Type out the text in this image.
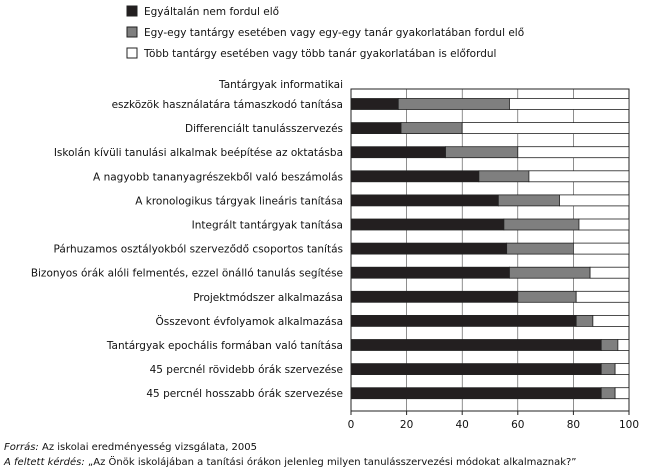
Egyáltalán nem fordul elő
Egy-egy tantárgy esetében vagy egy-egy tanár gyakorlatában fordul elő
Több tantárgy esetében vagy több tanár gyakorlatában is előfordul
Tantárgyak informatikai
eszközök használatára támaszkodó tanítása
Differenciált tanulásszervezés
Iskolán kívüli tanulási alkalmak beépítése az oktatásba
A nagyobb tananyagrészekből való beszámolás
A kronologikus tárgyak lineáris tanítása
Integrált tantárgyak tanítása
Párhuzamos osztályokból szerveződő csoportos tanítás
Bizonyos órák alóli felmentés, ezzel önálló tanulás segítése
Projektmódszer alkalmazása
Összevont évfolyamok alkalmazása
Tantárgyak epochális formában való tanítása
45 percnél rövidebb órák szervezése
45 percnél hosszabb órák szervezése
0	20	40	60	80	100
Forrás: Az iskolai eredményesség vizsgálata, 2005
A feltett kérdés: „Az Önök iskolájában a tanítási órákon jelenleg milyen tanulásszervezési módokat alkalmaznak?”
